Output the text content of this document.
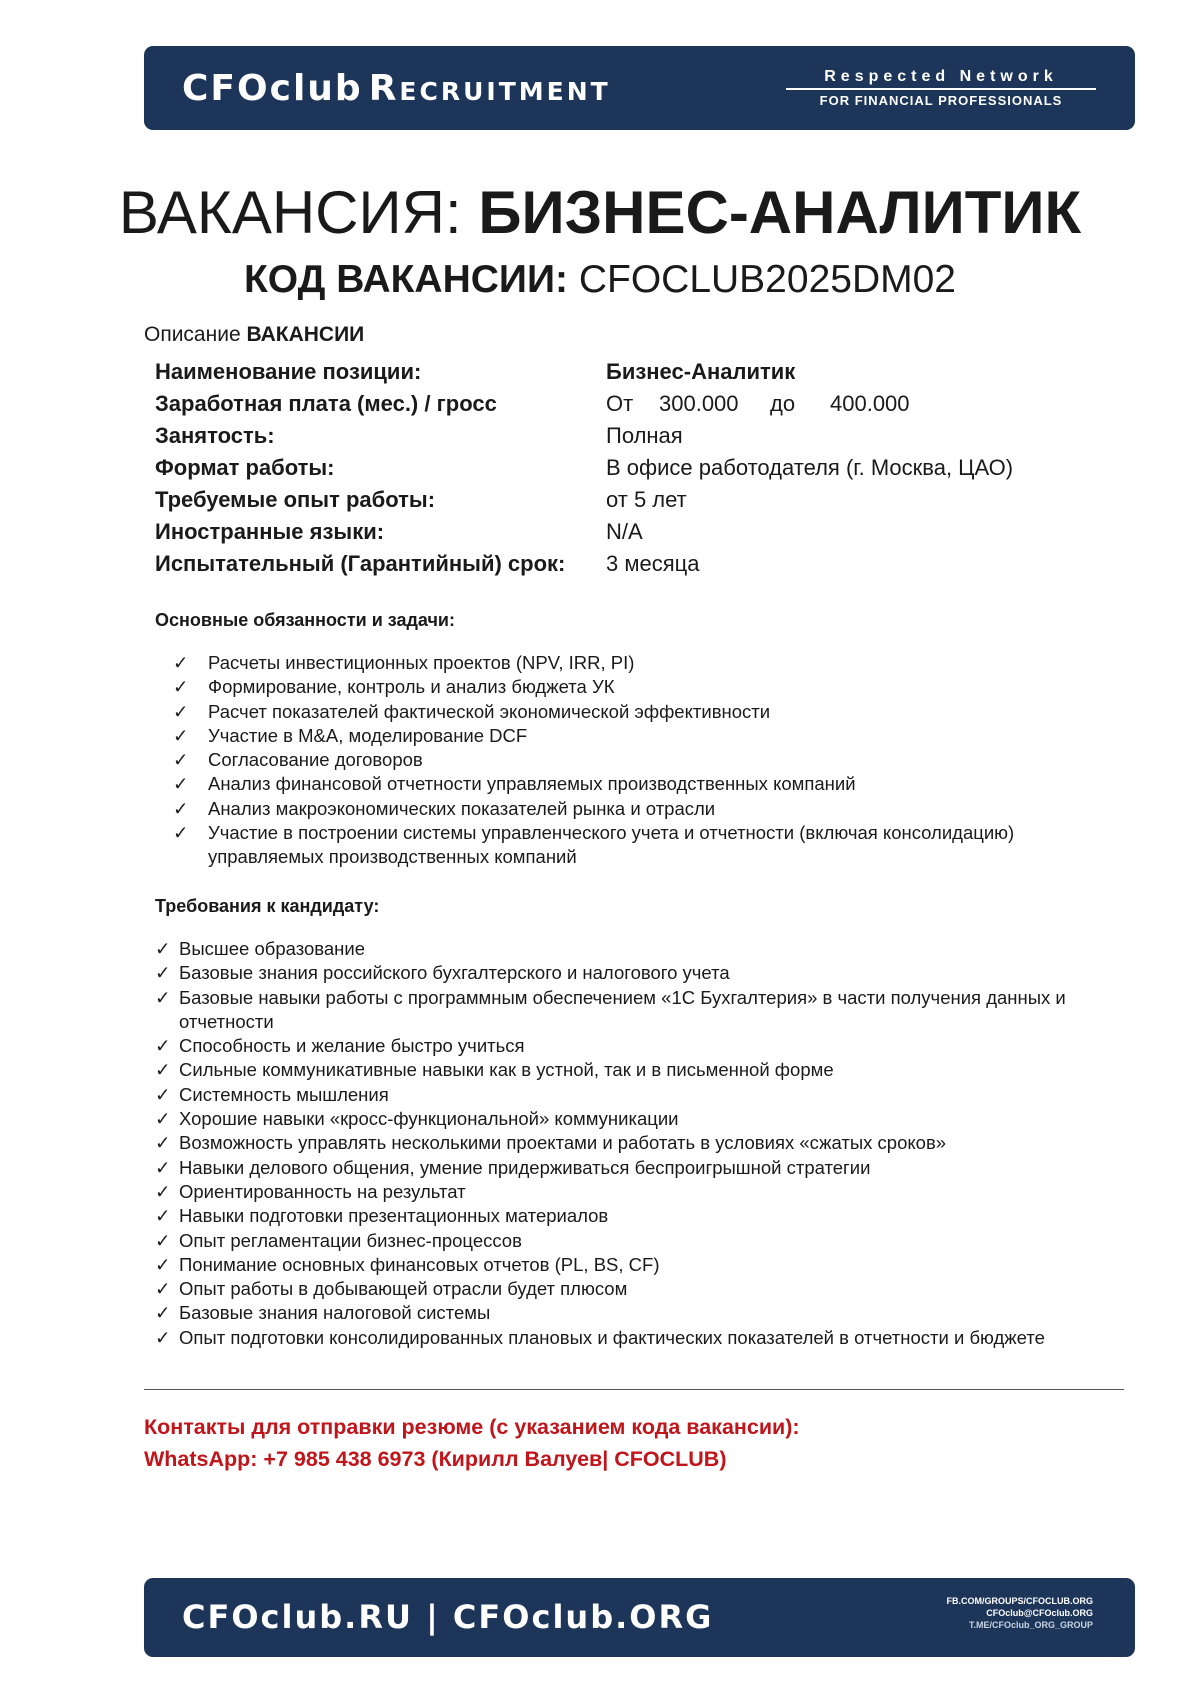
CFOclub Recruitment	Respected Network
FOR FINANCIAL PROFESSIONALS
ВАКАНСИЯ: БИЗНЕС-АНАЛИТИК
КОД ВАКАНСИИ: CFOCLUB2025DM02
Описание ВАКАНСИИ
Наименование позиции:	Бизнес-Аналитик
Заработная плата (мес.) / гросс	От 300.000 до 400.000
Занятость:	Полная
Формат работы:	В офисе работодателя (г. Москва, ЦАО)
Требуемые опыт работы:	от 5 лет
Иностранные языки:	N/A
Испытательный (Гарантийный) срок: 3 месяца
Основные обязанности и задачи:
✓ Расчеты инвестиционных проектов (NPV, IRR, PI)
✓ Формирование, контроль и анализ бюджета УК
✓ Расчет показателей фактической экономической эффективности
✓ Участие в M&A, моделирование DCF
✓ Согласование договоров
✓ Анализ финансовой отчетности управляемых производственных компаний
✓ Анализ макроэкономических показателей рынка и отрасли
✓ Участие в построении системы управленческого учета и отчетности (включая консолидацию) управляемых производственных компаний
Требования к кандидату:
✓ Высшее образование
✓ Базовые знания российского бухгалтерского и налогового учета
✓ Базовые навыки работы с программным обеспечением «1С Бухгалтерия» в части получения данных и отчетности
✓ Способность и желание быстро учиться
✓ Сильные коммуникативные навыки как в устной, так и в письменной форме
✓ Системность мышления
✓ Хорошие навыки «кросс-функциональной» коммуникации
✓ Возможность управлять несколькими проектами и работать в условиях «сжатых сроков»
✓ Навыки делового общения, умение придерживаться беспроигрышной стратегии
✓ Ориентированность на результат
✓ Навыки подготовки презентационных материалов
✓ Опыт регламентации бизнес-процессов
✓ Понимание основных финансовых отчетов (PL, BS, CF)
✓ Опыт работы в добывающей отрасли будет плюсом
✓ Базовые знания налоговой системы
✓ Опыт подготовки консолидированных плановых и фактических показателей в отчетности и бюджете
Контакты для отправки резюме (с указанием кода вакансии):
WhatsApp: +7 985 438 6973 (Кирилл Валуев| CFOCLUB)
CFOclub.RU | CFOclub.ORG	FB.COM/GROUPS/CFOCLUB.ORG
CFOclub@CFOclub.ORG
T.ME/CFOclub_ORG_GROUP
